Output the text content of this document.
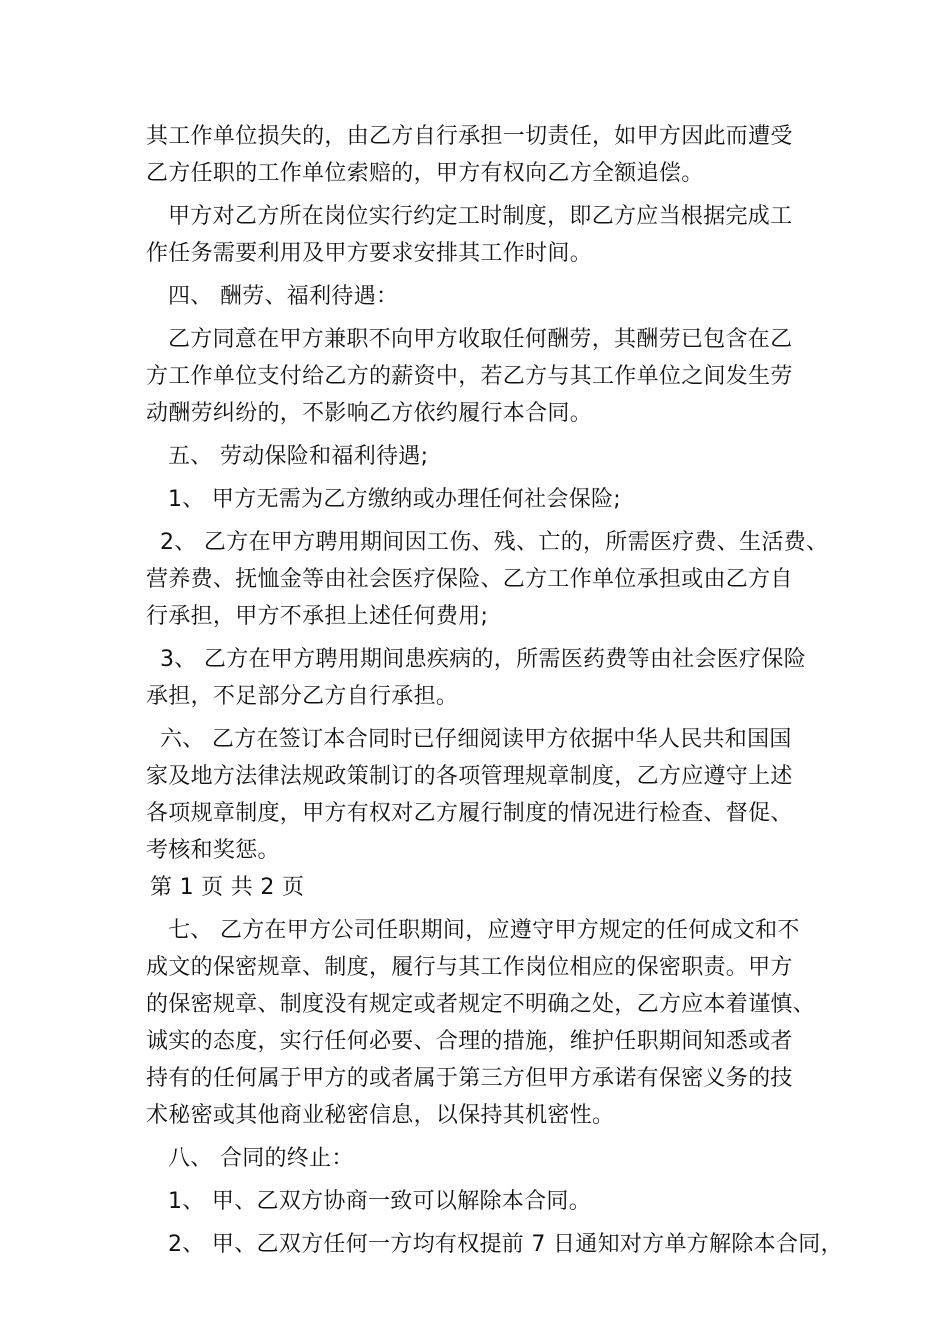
其工作单位损失的，由乙方自行承担一切责任，如甲方因此而遭受
乙方任职的工作单位索赔的，甲方有权向乙方全额追偿。
甲方对乙方所在岗位实行约定工时制度，即乙方应当根据完成工
作任务需要利用及甲方要求安排其工作时间。
四、 酬劳、福利待遇：
乙方同意在甲方兼职不向甲方收取任何酬劳，其酬劳已包含在乙
方工作单位支付给乙方的薪资中，若乙方与其工作单位之间发生劳
动酬劳纠纷的，不影响乙方依约履行本合同。
五、 劳动保险和福利待遇;
1、 甲方无需为乙方缴纳或办理任何社会保险;
2、 乙方在甲方聘用期间因工伤、残、亡的，所需医疗费、生活费、
营养费、抚恤金等由社会医疗保险、乙方工作单位承担或由乙方自
行承担，甲方不承担上述任何费用;
3、 乙方在甲方聘用期间患疾病的，所需医药费等由社会医疗保险
承担，不足部分乙方自行承担。
六、 乙方在签订本合同时已仔细阅读甲方依据中华人民共和国国
家及地方法律法规政策制订的各项管理规章制度，乙方应遵守上述
各项规章制度，甲方有权对乙方履行制度的情况进行检查、督促、
考核和奖惩。
第 1 页 共 2 页
七、 乙方在甲方公司任职期间，应遵守甲方规定的任何成文和不
成文的保密规章、制度，履行与其工作岗位相应的保密职责。甲方
的保密规章、制度没有规定或者规定不明确之处，乙方应本着谨慎、
诚实的态度，实行任何必要、合理的措施，维护任职期间知悉或者
持有的任何属于甲方的或者属于第三方但甲方承诺有保密义务的技
术秘密或其他商业秘密信息，以保持其机密性。
八、 合同的终止：
1、 甲、乙双方协商一致可以解除本合同。
2、 甲、乙双方任何一方均有权提前 7 日通知对方单方解除本合同，
